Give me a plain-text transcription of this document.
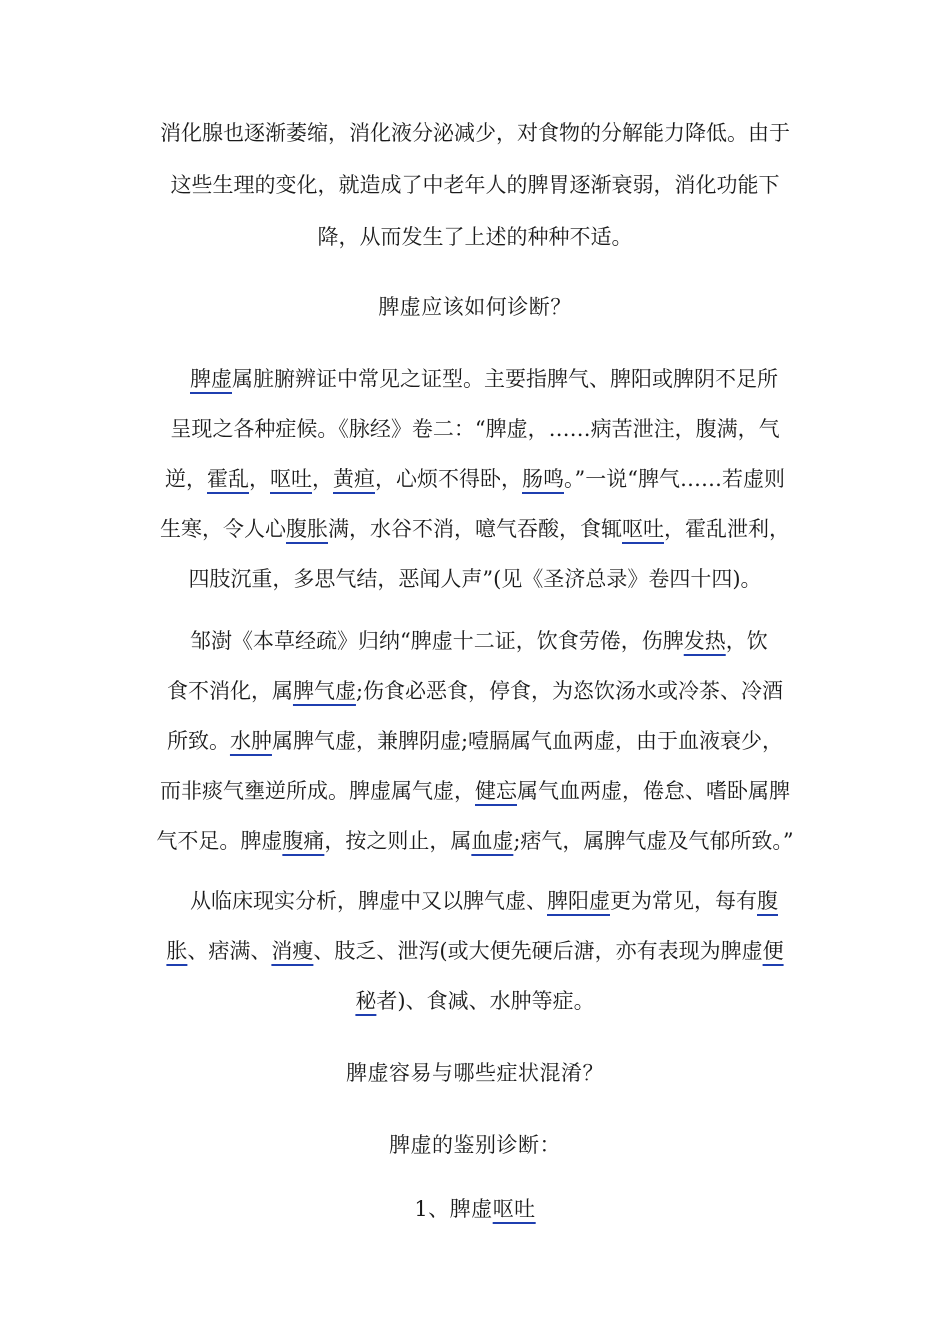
消化腺也逐渐萎缩，消化液分泌减少，对食物的分解能力降低。由于
这些生理的变化，就造成了中老年人的脾胃逐渐衰弱，消化功能下
降，从而发生了上述的种种不适。
脾虚应该如何诊断？
脾虚属脏腑辨证中常见之证型。主要指脾气、脾阳或脾阴不足所
呈现之各种症候。《脉经》卷二：“脾虚，……病苦泄注，腹满，气
逆，霍乱，呕吐，黄疸，心烦不得卧，肠鸣。”一说“脾气……若虚则
生寒，令人心腹胀满，水谷不消，噫气吞酸，食辄呕吐，霍乱泄利，
四肢沉重，多思气结，恶闻人声”(见《圣济总录》卷四十四)。
邹澍《本草经疏》归纳“脾虚十二证，饮食劳倦，伤脾发热，饮
食不消化，属脾气虚;伤食必恶食，停食，为恣饮汤水或冷茶、冷酒
所致。水肿属脾气虚，兼脾阴虚;噎膈属气血两虚，由于血液衰少，
而非痰气壅逆所成。脾虚属气虚，健忘属气血两虚，倦怠、嗜卧属脾
气不足。脾虚腹痛，按之则止，属血虚;痞气，属脾气虚及气郁所致。”
从临床现实分析，脾虚中又以脾气虚、脾阳虚更为常见，每有腹
胀、痞满、消瘦、肢乏、泄泻(或大便先硬后溏，亦有表现为脾虚便
秘者)、食减、水肿等症。
脾虚容易与哪些症状混淆？
脾虚的鉴别诊断：
1、脾虚呕吐
